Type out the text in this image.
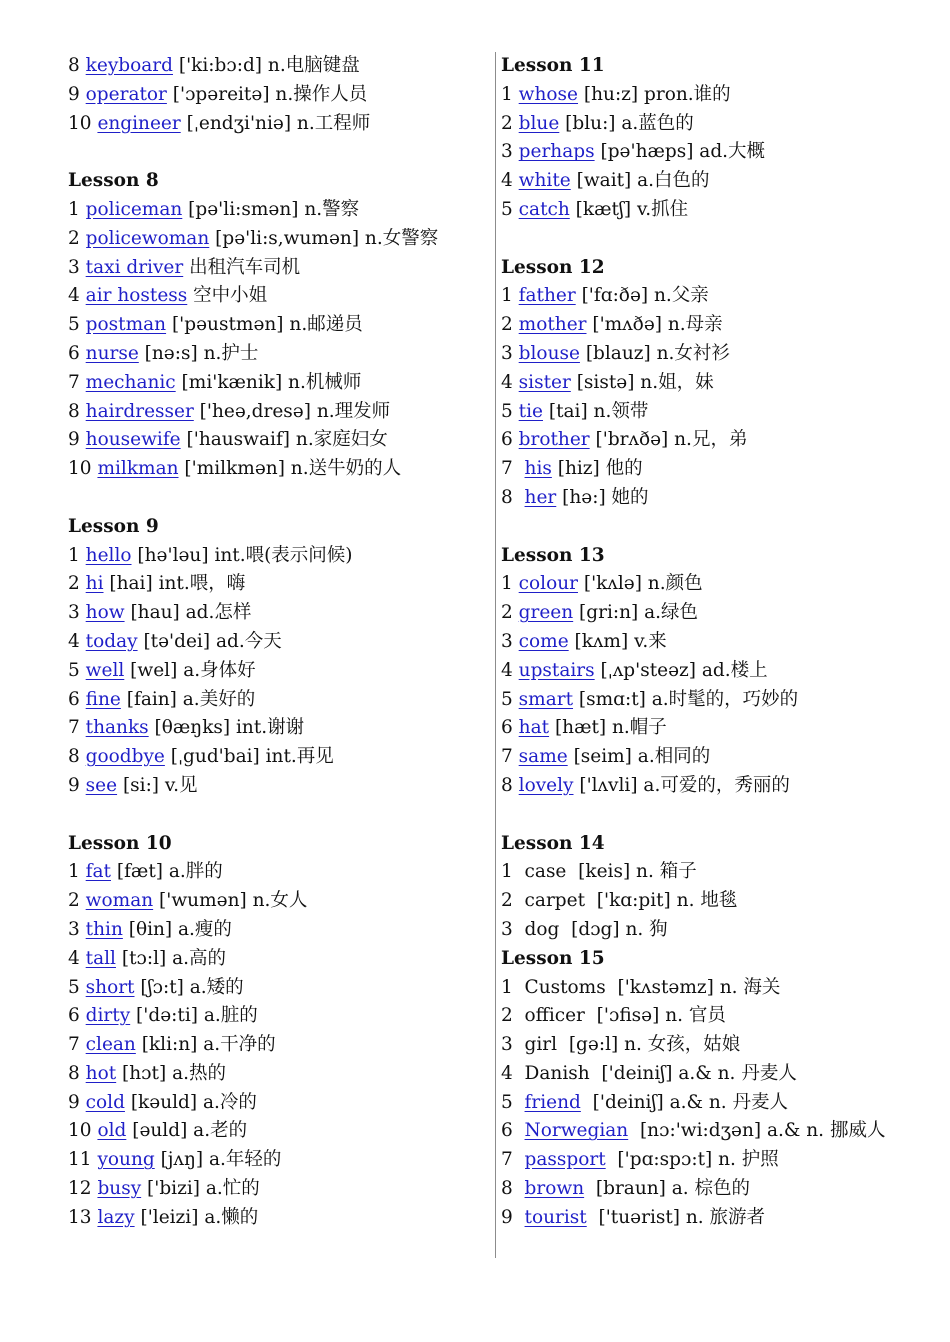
8 keyboard ['ki:bɔ:d] n.电脑键盘
9 operator ['ɔpəreitə] n.操作人员
10 engineer [ˌendʒi'niə] n.工程师
Lesson 8
1 policeman [pə'li:smən] n.警察
2 policewoman [pə'li:s,wumən] n.女警察
3 taxi driver 出租汽车司机
4 air hostess 空中小姐
5 postman ['pəustmən] n.邮递员
6 nurse [nə:s] n.护士
7 mechanic [mi'kænik] n.机械师
8 hairdresser ['heə,dresə] n.理发师
9 housewife ['hauswaif] n.家庭妇女
10 milkman ['milkmən] n.送牛奶的人
Lesson 9
1 hello [hə'ləu] int.喂(表示问候)
2 hi [hai] int.喂，嗨
3 how [hau] ad.怎样
4 today [tə'dei] ad.今天
5 well [wel] a.身体好
6 fine [fain] a.美好的
7 thanks [θæŋks] int.谢谢
8 goodbye [ˌgud'bai] int.再见
9 see [si:] v.见
Lesson 10
1 fat [fæt] a.胖的
2 woman ['wumən] n.女人
3 thin [θin] a.瘦的
4 tall [tɔ:l] a.高的
5 short [ʃɔ:t] a.矮的
6 dirty ['də:ti] a.脏的
7 clean [kli:n] a.干净的
8 hot [hɔt] a.热的
9 cold [kəuld] a.冷的
10 old [əuld] a.老的
11 young [jʌŋ] a.年轻的
12 busy ['bizi] a.忙的
13 lazy ['leizi] a.懒的
Lesson 11
1 whose [hu:z] pron.谁的
2 blue [blu:] a.蓝色的
3 perhaps [pə'hæps] ad.大概
4 white [wait] a.白色的
5 catch [kætʃ] v.抓住
Lesson 12
1 father ['fɑ:ðə] n.父亲
2 mother ['mʌðə] n.母亲
3 blouse [blauz] n.女衬衫
4 sister [sistə] n.姐，妹
5 tie [tai] n.领带
6 brother ['brʌðə] n.兄，弟
7  his [hiz] 他的
8  her [hə:] 她的
Lesson 13
1 colour ['kʌlə] n.颜色
2 green [gri:n] a.绿色
3 come [kʌm] v.来
4 upstairs [ˌʌp'steəz] ad.楼上
5 smart [smɑ:t] a.时髦的，巧妙的
6 hat [hæt] n.帽子
7 same [seim] a.相同的
8 lovely ['lʌvli] a.可爱的，秀丽的
Lesson 14
1  case  [keis] n. 箱子
2  carpet  ['kɑ:pit] n. 地毯
3  dog  [dɔg] n. 狗
Lesson 15
1  Customs  ['kʌstəmz] n. 海关
2  officer  ['ɔfisə] n. 官员
3  girl  [gə:l] n. 女孩，姑娘
4  Danish  ['deiniʃ] a.& n. 丹麦人
5  friend  ['deiniʃ] a.& n. 丹麦人
6  Norwegian  [nɔ:'wi:dʒən] a.& n. 挪威人
7  passport  ['pɑ:spɔ:t] n. 护照
8  brown  [braun] a. 棕色的
9  tourist  ['tuərist] n. 旅游者
